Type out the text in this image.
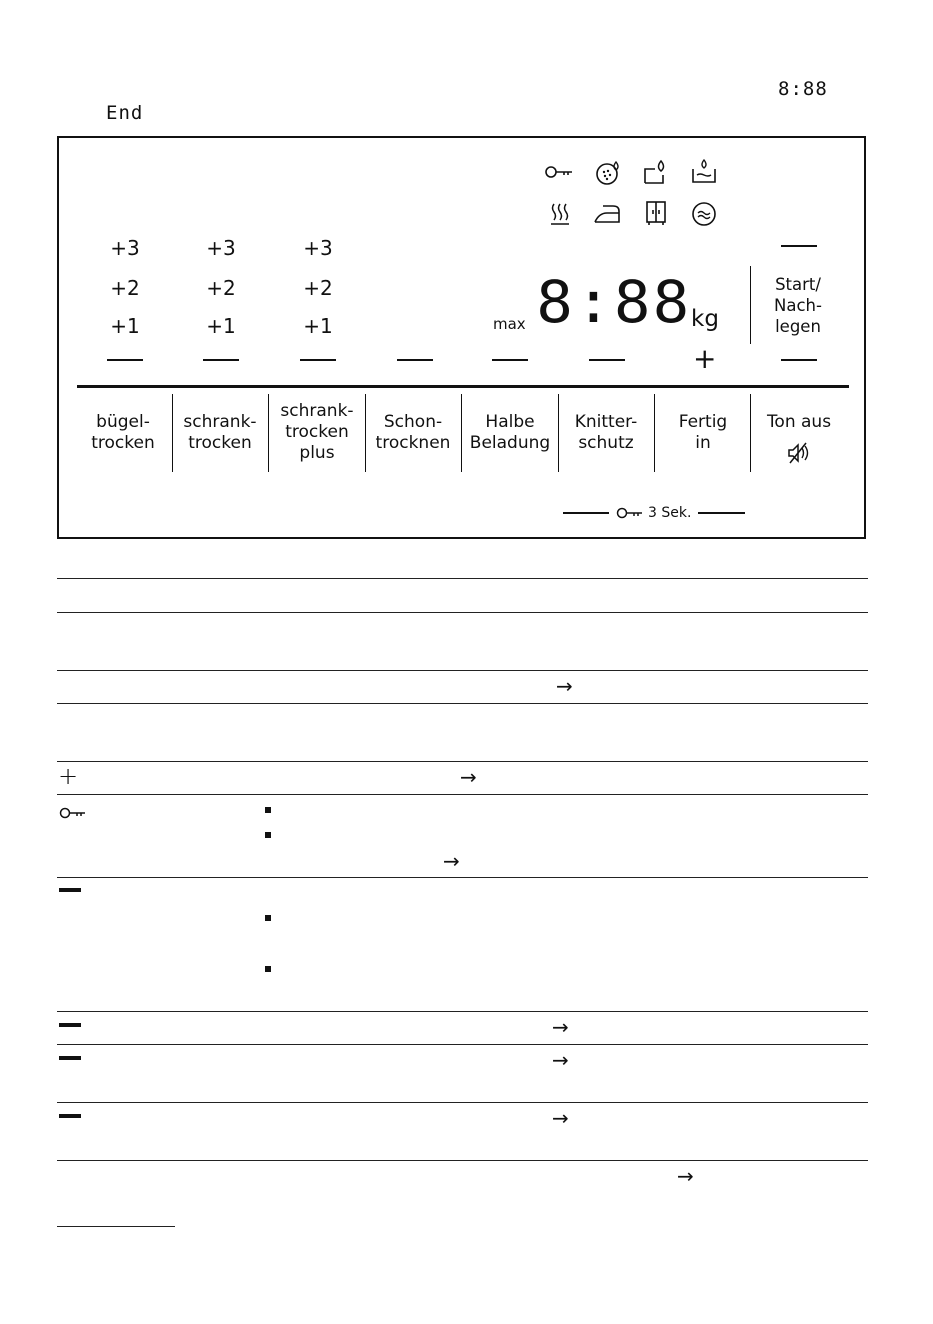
8:88
End
+3
+2
+1
+3
+2
+1
+3
+2
+1	max 8:88 kg
Start/
Nach-
legen
+
bügel-
trocken
schrank-
trocken
schrank-
trocken
plus
Schon-
trocknen
Halbe
Beladung
Knitter-
schutz
Fertig
in
Ton aus
3 Sek.
→
→
→
→
→
→
→
+
